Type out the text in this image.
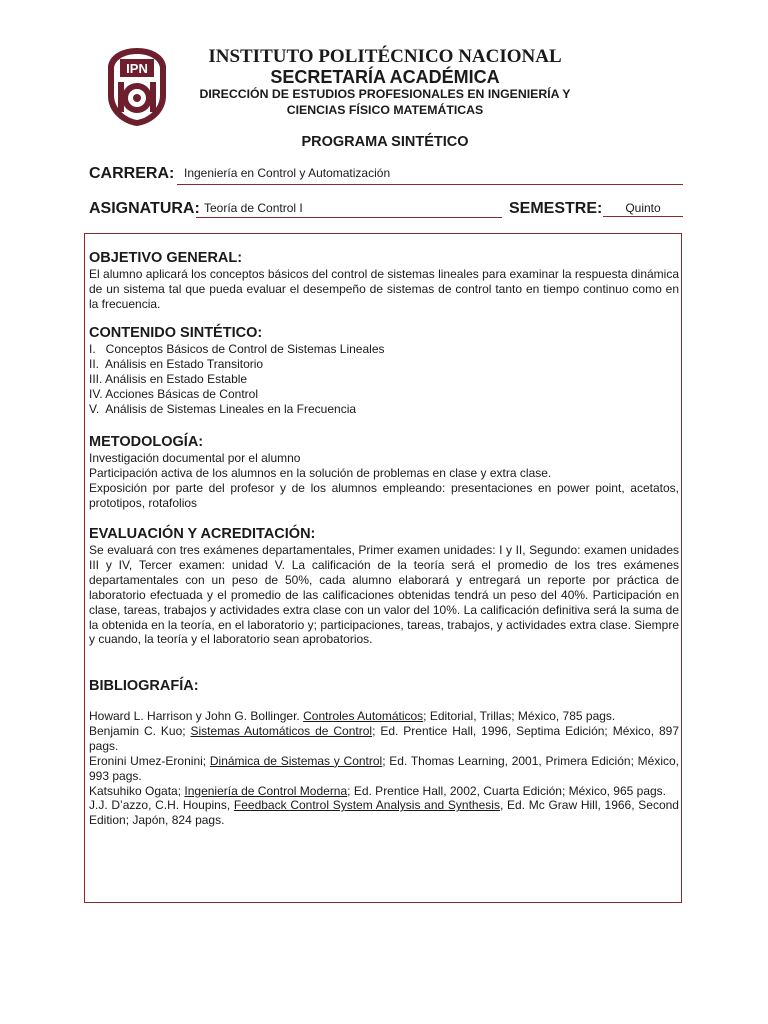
IPN
INSTITUTO POLITÉCNICO NACIONAL
SECRETARÍA ACADÉMICA
DIRECCIÓN DE ESTUDIOS PROFESIONALES EN INGENIERÍA Y
CIENCIAS FÍSICO MATEMÁTICAS
PROGRAMA SINTÉTICO
CARRERA: Ingeniería en Control y Automatización
ASIGNATURA: Teoría de Control I	SEMESTRE:	Quinto
OBJETIVO GENERAL:

El alumno aplicará los conceptos básicos del control de sistemas lineales para examinar la respuesta dinámica de un sistema tal que pueda evaluar el desempeño de sistemas de control tanto en tiempo continuo como en la frecuencia.

CONTENIDO SINTÉTICO:
I.   Conceptos Básicos de Control de Sistemas Lineales
II.  Análisis en Estado Transitorio
III. Análisis en Estado Estable
IV. Acciones Básicas de Control
V.  Análisis de Sistemas Lineales en la Frecuencia
METODOLOGÍA:

Investigación documental por el alumno

Participación activa de los alumnos en la solución de problemas en clase y extra clase.

Exposición por parte del profesor y de los alumnos empleando: presentaciones en power point, acetatos, prototipos, rotafolios

EVALUACIÓN Y ACREDITACIÓN:

Se evaluará con tres exámenes departamentales, Primer examen unidades: I y II, Segundo: examen unidades III y IV, Tercer examen: unidad V. La calificación de la teoría será el promedio de los tres exámenes departamentales con un peso de 50%, cada alumno elaborará y entregará un reporte por práctica de laboratorio efectuada y el promedio de las calificaciones obtenidas tendrá un peso del 40%. Participación en clase, tareas, trabajos y actividades extra clase con un valor del 10%. La calificación definitiva será la suma de la obtenida en la teoría, en el laboratorio y; participaciones, tareas, trabajos, y actividades extra clase. Siempre y cuando, la teoría y el laboratorio sean aprobatorios.

BIBLIOGRAFÍA:

Howard L. Harrison y John G. Bollinger. Controles Automáticos; Editorial, Trillas; México, 785 pags.

Benjamin C. Kuo; Sistemas Automáticos de Control; Ed. Prentice Hall, 1996, Septima Edición; México, 897 pags.

Eronini Umez-Eronini; Dinámica de Sistemas y Control; Ed. Thomas Learning, 2001, Primera Edición; México, 993 pags.

Katsuhiko Ogata; Ingeniería de Control Moderna; Ed. Prentice Hall, 2002, Cuarta Edición; México, 965 pags.

J.J. D’azzo, C.H. Houpins, Feedback Control System Analysis and Synthesis, Ed. Mc Graw Hill, 1966, Second Edition; Japón, 824 pags.
